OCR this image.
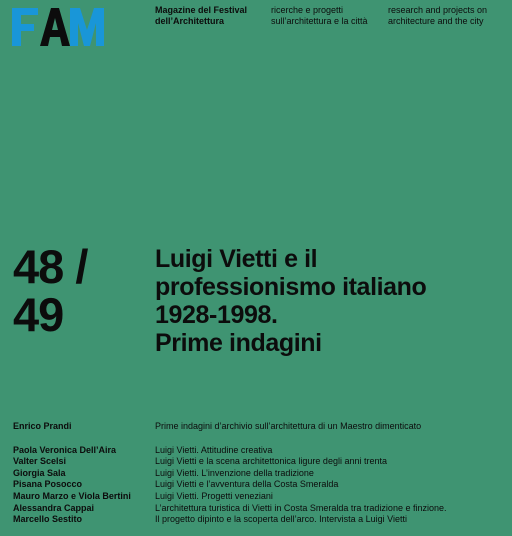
Magazine del Festival
dell’Architettura
ricerche e progetti
sull’architettura e la città
research and projects on
architecture and the city
48 /
49
Luigi Vietti e il
professionismo italiano
1928-1998.
Prime indagini
Enrico Prandi	Prime indagini d’archivio sull’architettura di un Maestro dimenticato
Paola Veronica Dell’Aira	Luigi Vietti. Attitudine creativa
Valter Scelsi	Luigi Vietti e la scena architettonica ligure degli anni trenta
Giorgia Sala	Luigi Vietti. L’invenzione della tradizione
Pisana Posocco	Luigi Vietti e l’avventura della Costa Smeralda
Mauro Marzo e Viola Bertini	Luigi Vietti. Progetti veneziani
Alessandra Cappai	L’architettura turistica di Vietti in Costa Smeralda tra tradizione e finzione.
Marcello Sestito	Il progetto dipinto e la scoperta dell’arco. Intervista a Luigi Vietti
